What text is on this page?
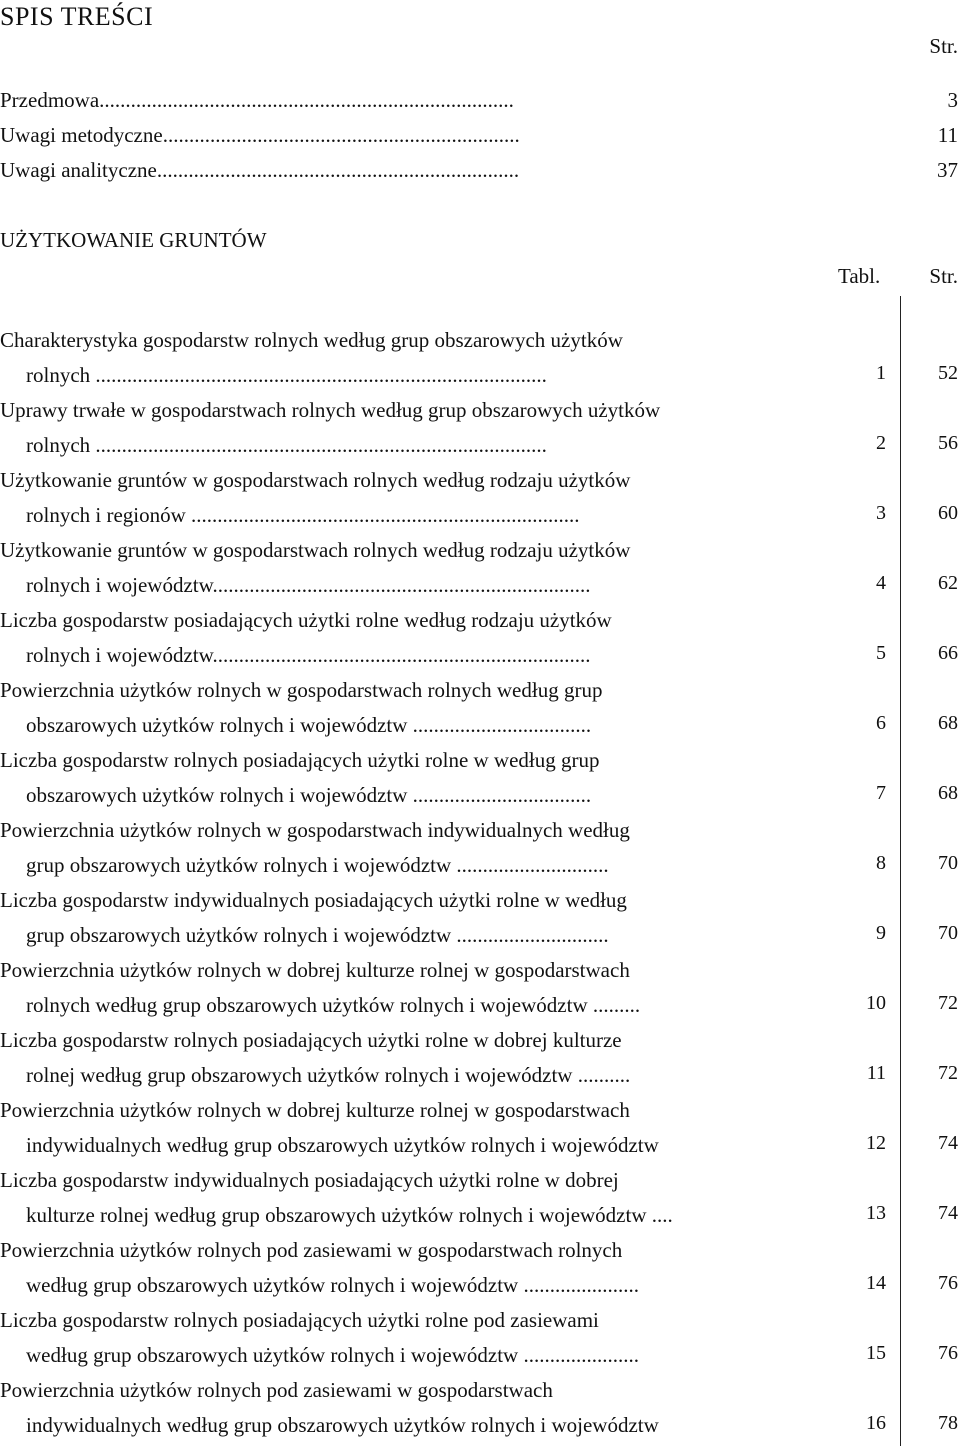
SPIS TREŚCI
Str.
Przedmowa...............................................................................	3
Uwagi metodyczne....................................................................	11
Uwagi analityczne.....................................................................	37
UŻYTKOWANIE GRUNTÓW
Tabl. Str.
Charakterystyka gospodarstw rolnych według grup obszarowych użytków
rolnych ......................................................................................	1	52
Uprawy trwałe w gospodarstwach rolnych według grup obszarowych użytków
rolnych ......................................................................................	2	56
Użytkowanie gruntów w gospodarstwach rolnych według rodzaju użytków
rolnych i regionów ..........................................................................	3	60
Użytkowanie gruntów w gospodarstwach rolnych według rodzaju użytków
rolnych i województw........................................................................	4	62
Liczba gospodarstw posiadających użytki rolne według rodzaju użytków
rolnych i województw........................................................................	5	66
Powierzchnia użytków rolnych w gospodarstwach rolnych według grup
obszarowych użytków rolnych i województw ..................................	6	68
Liczba gospodarstw rolnych posiadających użytki rolne w według grup
obszarowych użytków rolnych i województw ..................................	7	68
Powierzchnia użytków rolnych w gospodarstwach indywidualnych według
grup obszarowych użytków rolnych i województw .............................	8	70
Liczba gospodarstw indywidualnych posiadających użytki rolne w według
grup obszarowych użytków rolnych i województw .............................	9	70
Powierzchnia użytków rolnych w dobrej kulturze rolnej w gospodarstwach
rolnych według grup obszarowych użytków rolnych i województw .........	10	72
Liczba gospodarstw rolnych posiadających użytki rolne w dobrej kulturze
rolnej według grup obszarowych użytków rolnych i województw ..........	11	72
Powierzchnia użytków rolnych w dobrej kulturze rolnej w gospodarstwach
indywidualnych według grup obszarowych użytków rolnych i województw	12	74
Liczba gospodarstw indywidualnych posiadających użytki rolne w dobrej
kulturze rolnej według grup obszarowych użytków rolnych i województw ....	13	74
Powierzchnia użytków rolnych pod zasiewami w gospodarstwach rolnych
według grup obszarowych użytków rolnych i województw ......................	14	76
Liczba gospodarstw rolnych posiadających użytki rolne pod zasiewami
według grup obszarowych użytków rolnych i województw ......................	15	76
Powierzchnia użytków rolnych pod zasiewami w gospodarstwach
indywidualnych według grup obszarowych użytków rolnych i województw	16	78
